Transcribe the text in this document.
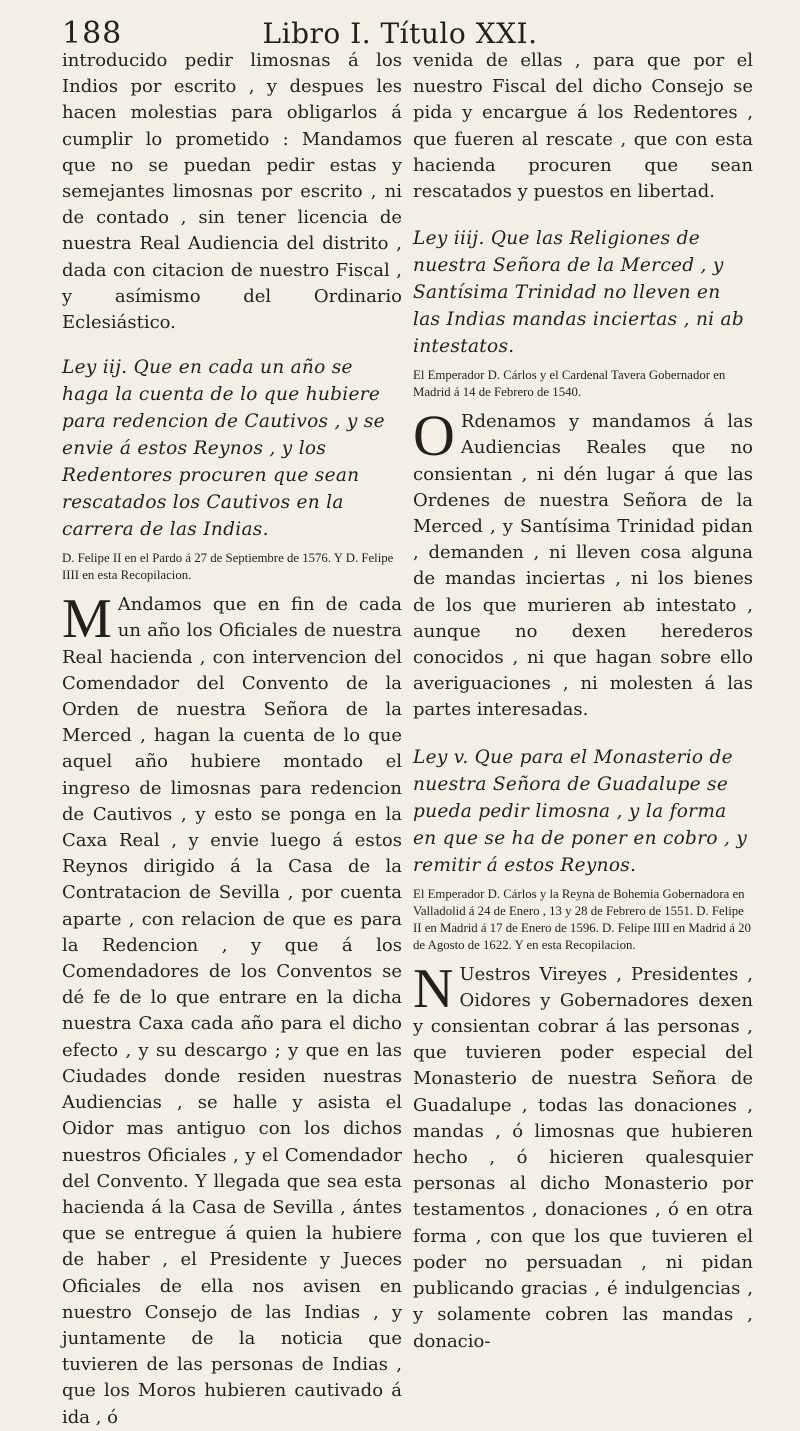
188	Libro I. Título XXI.

introducido pedir limosnas á los Indios por escrito , y despues les hacen molestias para obligarlos á cumplir lo prometido : Mandamos que no se puedan pedir estas y semejantes limosnas por escrito , ni de contado , sin tener licencia de nuestra Real Audiencia del distrito , dada con citacion de nuestro Fiscal , y asímismo del Ordinario Eclesiástico.

Ley iij. Que en cada un año se haga la cuenta de lo que hubiere para redencion de Cautivos , y se envie á estos Reynos , y los Redentores procuren que sean rescatados los Cautivos en la carrera de las Indias.

D. Felipe II en el Pardo á 27 de Septiembre de 1576. Y D. Felipe IIII en esta Recopilacion.

M Andamos que en fin de cada un año los Oficiales de nuestra Real hacienda , con intervencion del Comendador del Convento de la Orden de nuestra Señora de la Merced , hagan la cuenta de lo que aquel año hubiere montado el ingreso de limosnas para redencion de Cautivos , y esto se ponga en la Caxa Real , y envie luego á estos Reynos dirigido á la Casa de la Contratacion de Sevilla , por cuenta aparte , con relacion de que es para la Redencion , y que á los Comendadores de los Conventos se dé fe de lo que entrare en la dicha nuestra Caxa cada año para el dicho efecto , y su descargo ; y que en las Ciudades donde residen nuestras Audiencias , se halle y asista el Oidor mas antiguo con los dichos nuestros Oficiales , y el Comendador del Convento. Y llegada que sea esta hacienda á la Casa de Sevilla , ántes que se entregue á quien la hubiere de haber , el Presidente y Jueces Oficiales de ella nos avisen en nuestro Consejo de las Indias , y juntamente de la noticia que tuvieren de las personas de Indias , que los Moros hubieren cautivado á ida , ó

venida de ellas , para que por el nuestro Fiscal del dicho Consejo se pida y encargue á los Redentores , que fueren al rescate , que con esta hacienda procuren que sean rescatados y puestos en libertad.

Ley iiij. Que las Religiones de nuestra Señora de la Merced , y Santísima Trinidad no lleven en las Indias mandas inciertas , ni ab intestatos.

El Emperador D. Cárlos y el Cardenal Tavera Gobernador en Madrid á 14 de Febrero de 1540.

O Rdenamos y mandamos á las Audiencias Reales que no consientan , ni dén lugar á que las Ordenes de nuestra Señora de la Merced , y Santísima Trinidad pidan , demanden , ni lleven cosa alguna de mandas inciertas , ni los bienes de los que murieren ab intestato , aunque no dexen herederos conocidos , ni que hagan sobre ello averiguaciones , ni molesten á las partes interesadas.

Ley v. Que para el Monasterio de nuestra Señora de Guadalupe se pueda pedir limosna , y la forma en que se ha de poner en cobro , y remitir á estos Reynos.

El Emperador D. Cárlos y la Reyna de Bohemia Gobernadora en Valladolid á 24 de Enero , 13 y 28 de Febrero de 1551. D. Felipe II en Madrid á 17 de Enero de 1596. D. Felipe IIII en Madrid á 20 de Agosto de 1622. Y en esta Recopilacion.

N Uestros Vireyes , Presidentes , Oidores y Gobernadores dexen y consientan cobrar á las personas , que tuvieren poder especial del Monasterio de nuestra Señora de Guadalupe , todas las donaciones , mandas , ó limosnas que hubieren hecho , ó hicieren qualesquier personas al dicho Monasterio por testamentos , donaciones , ó en otra forma , con que los que tuvieren el poder no persuadan , ni pidan publicando gracias , é indulgencias , y solamente cobren las mandas , donacio-
